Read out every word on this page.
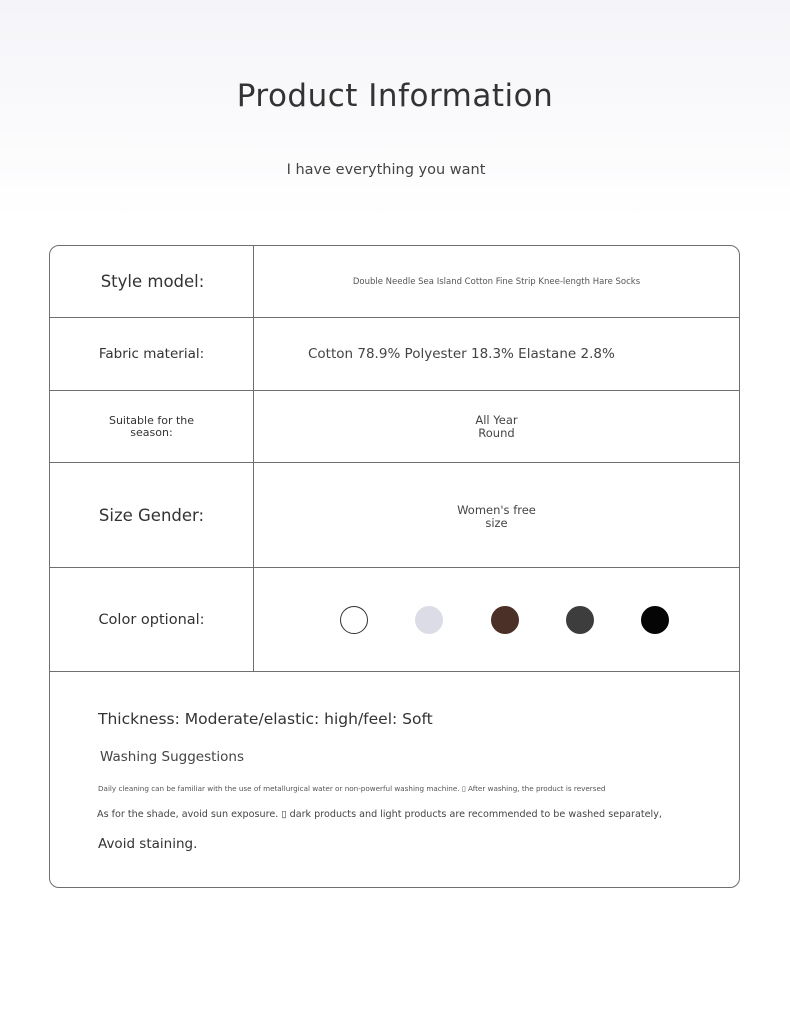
Product Information
I have everything you want
Style model:	Double Needle Sea Island Cotton Fine Strip Knee-length Hare Socks
Fabric material:	Cotton 78.9% Polyester 18.3% Elastane 2.8%
Suitable for the season:
All Year
Round
Size Gender:	Women's free
size
Color optional:
Thickness: Moderate/elastic: high/feel: Soft
Washing Suggestions
Daily cleaning can be familiar with the use of metallurgical water or non-powerful washing machine. ▯ After washing, the product is reversed
As for the shade, avoid sun exposure. ▯ dark products and light products are recommended to be washed separately,
Avoid staining.
